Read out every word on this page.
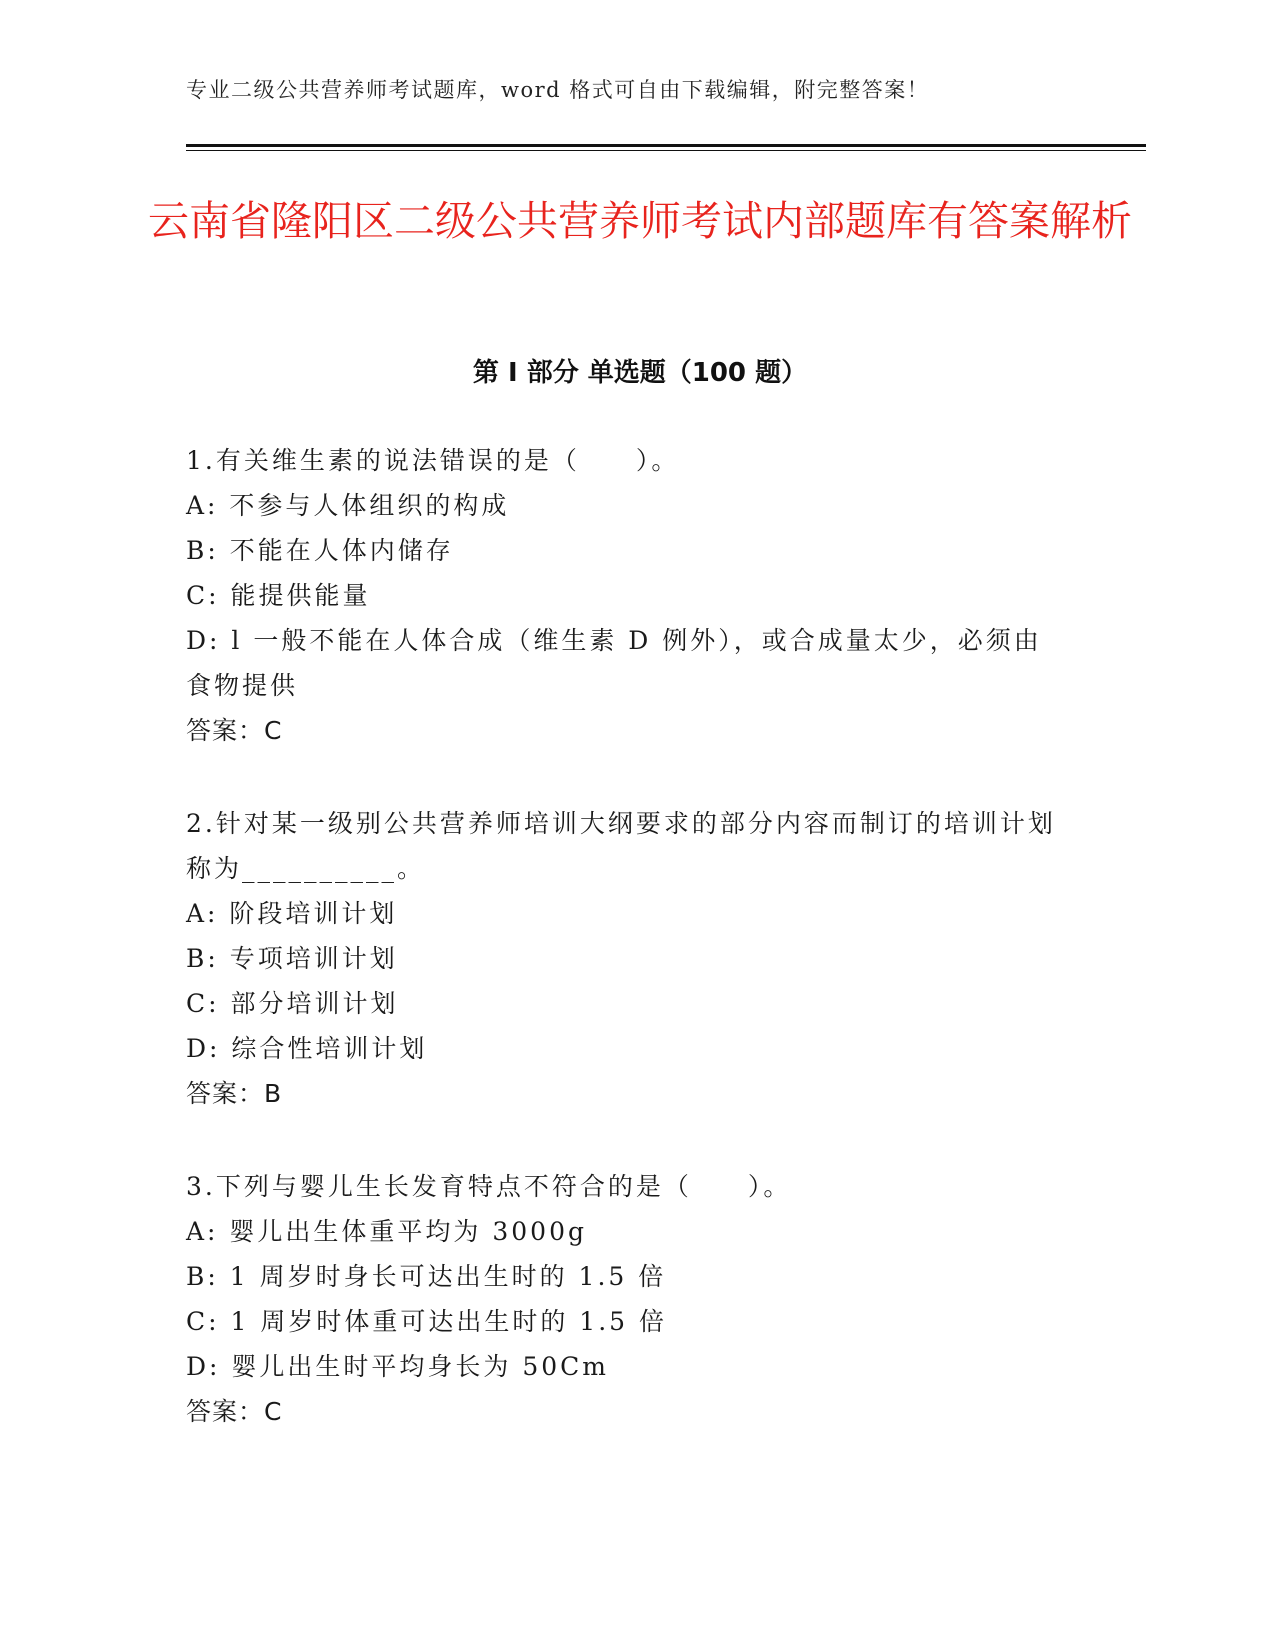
专业二级公共营养师考试题库，word 格式可自由下载编辑，附完整答案！
云南省隆阳区二级公共营养师考试内部题库有答案解析
第 I 部分 单选题（100 题）

1.有关维生素的说法错误的是（　　）。

A: 不参与人体组织的构成

B: 不能在人体内储存

C: 能提供能量

D: l 一般不能在人体合成（维生素 D 例外），或合成量太少，必须由食物提供

答案：C

2.针对某一级别公共营养师培训大纲要求的部分内容而制订的培训计划称为__________。

A: 阶段培训计划

B: 专项培训计划

C: 部分培训计划

D: 综合性培训计划

答案：B

3.下列与婴儿生长发育特点不符合的是（　　）。

A: 婴儿出生体重平均为 3000g

B: 1 周岁时身长可达出生时的 1.5 倍

C: 1 周岁时体重可达出生时的 1.5 倍

D: 婴儿出生时平均身长为 50Cm

答案：C
